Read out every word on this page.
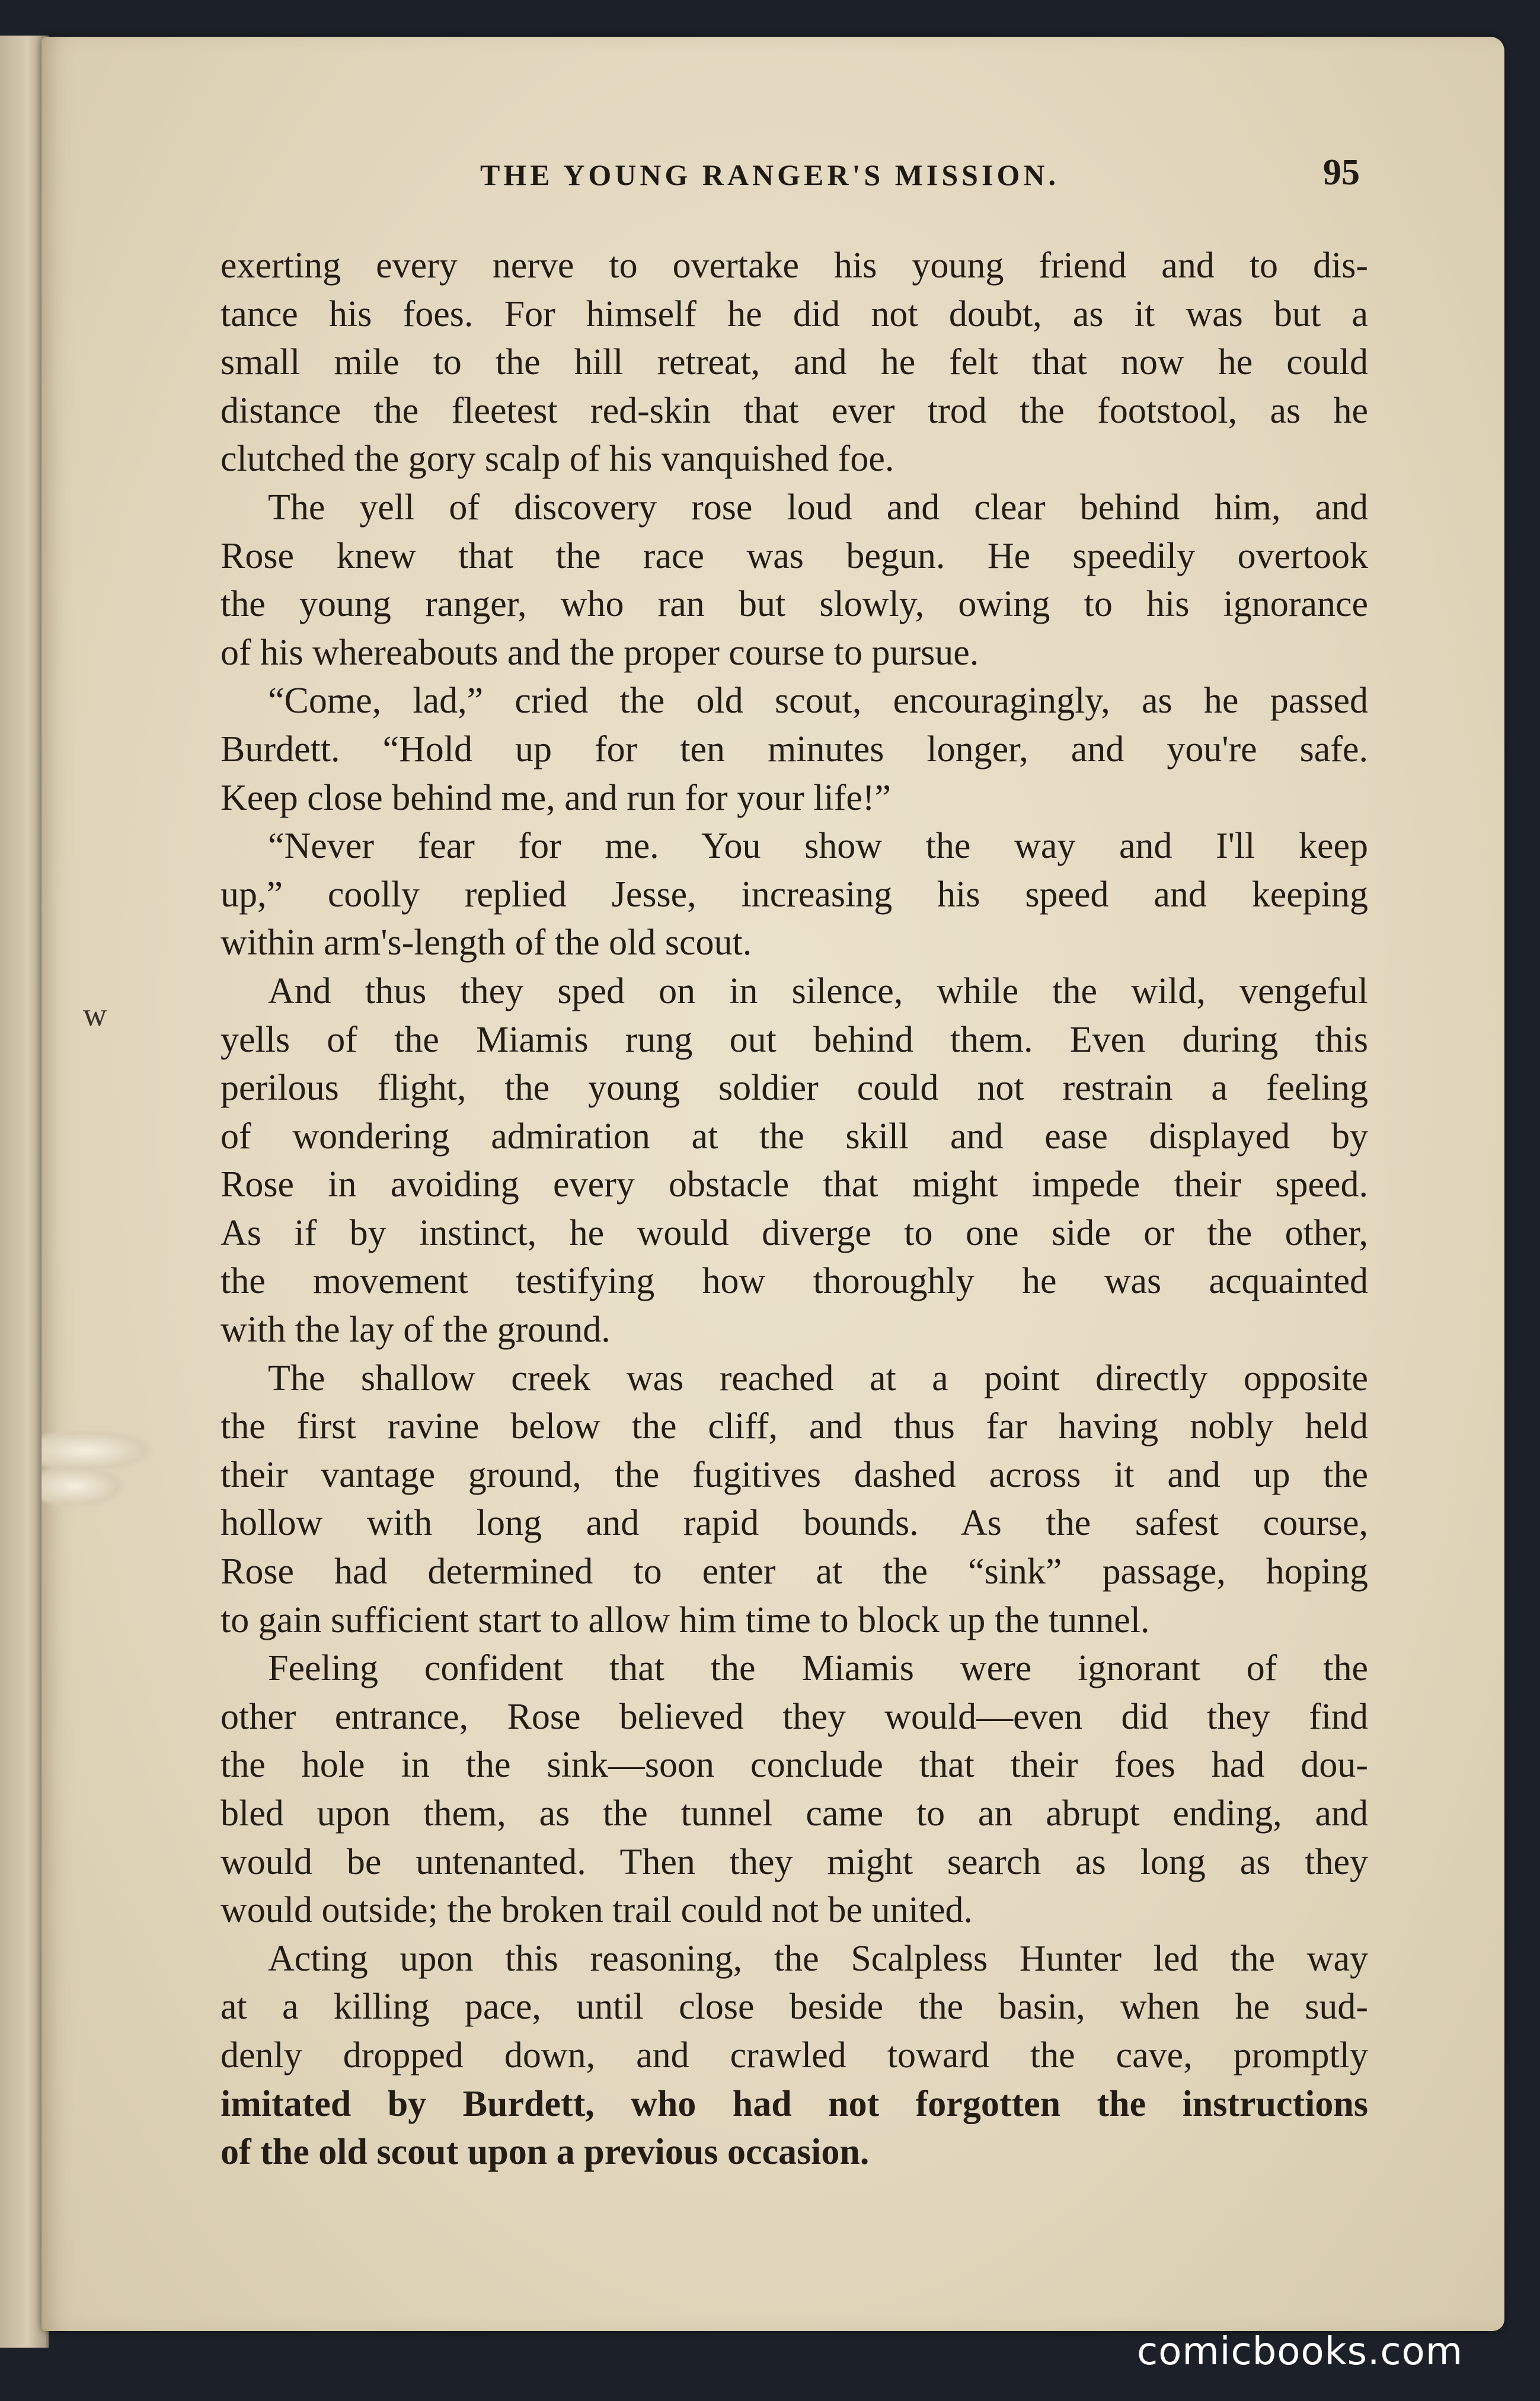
w
THE YOUNG RANGER'S MISSION.	95
exerting every nerve to overtake his young friend and to dis-
tance his foes. For himself he did not doubt, as it was but a
small mile to the hill retreat, and he felt that now he could
distance the fleetest red-skin that ever trod the footstool, as he
clutched the gory scalp of his vanquished foe.
The yell of discovery rose loud and clear behind him, and
Rose knew that the race was begun. He speedily overtook
the young ranger, who ran but slowly, owing to his ignorance
of his whereabouts and the proper course to pursue.
“Come, lad,” cried the old scout, encouragingly, as he passed
Burdett. “Hold up for ten minutes longer, and you're safe.
Keep close behind me, and run for your life!”
“Never fear for me. You show the way and I'll keep
up,” coolly replied Jesse, increasing his speed and keeping
within arm's-length of the old scout.
And thus they sped on in silence, while the wild, vengeful
yells of the Miamis rung out behind them. Even during this
perilous flight, the young soldier could not restrain a feeling
of wondering admiration at the skill and ease displayed by
Rose in avoiding every obstacle that might impede their speed.
As if by instinct, he would diverge to one side or the other,
the movement testifying how thoroughly he was acquainted
with the lay of the ground.
The shallow creek was reached at a point directly opposite
the first ravine below the cliff, and thus far having nobly held
their vantage ground, the fugitives dashed across it and up the
hollow with long and rapid bounds. As the safest course,
Rose had determined to enter at the “sink” passage, hoping
to gain sufficient start to allow him time to block up the tunnel.
Feeling confident that the Miamis were ignorant of the
other entrance, Rose believed they would—even did they find
the hole in the sink—soon conclude that their foes had dou-
bled upon them, as the tunnel came to an abrupt ending, and
would be untenanted. Then they might search as long as they
would outside; the broken trail could not be united.
Acting upon this reasoning, the Scalpless Hunter led the way
at a killing pace, until close beside the basin, when he sud-
denly dropped down, and crawled toward the cave, promptly
imitated by Burdett, who had not forgotten the instructions
of the old scout upon a previous occasion.
comicbooks.com
